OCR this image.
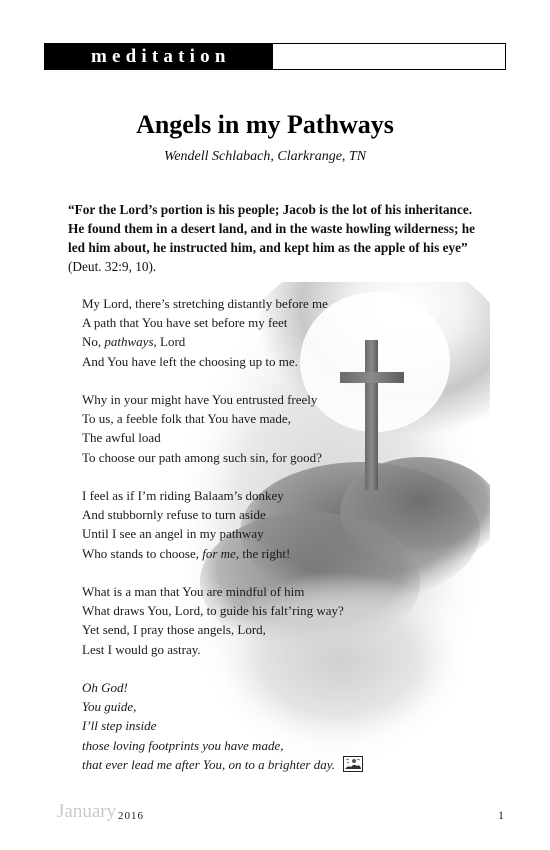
meditation
Angels in my Pathways
Wendell Schlabach, Clarkrange, TN
“For the Lord’s portion is his people; Jacob is the lot of his inheritance. He found them in a desert land, and in the waste howling wilderness; he led him about, he instructed him, and kept him as the apple of his eye” (Deut. 32:9, 10).
My Lord, there’s stretching distantly before me
A path that You have set before my feet
No, pathways, Lord
And You have left the choosing up to me.
Why in your might have You entrusted freely
To us, a feeble folk that You have made,
The awful load
To choose our path among such sin, for good?
I feel as if I’m riding Balaam’s donkey
And stubbornly refuse to turn aside
Until I see an angel in my pathway
Who stands to choose, for me, the right!
What is a man that You are mindful of him
What draws You, Lord, to guide his falt’ring way?
Yet send, I pray those angels, Lord,
Lest I would go astray.
Oh God!
You guide,
I’ll step inside
those loving footprints you have made,
that ever lead me after You, on to a brighter day.
January 2016	1
